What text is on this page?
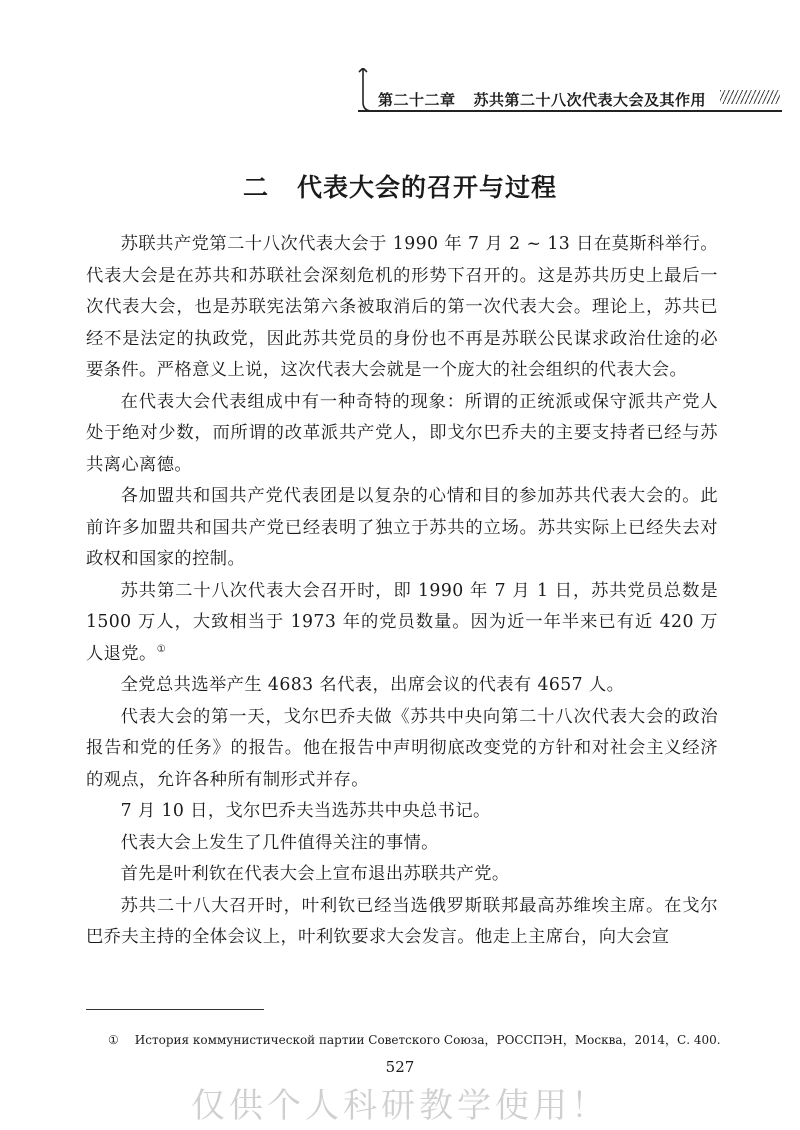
第二十二章 苏共第二十八次代表大会及其作用
二 代表大会的召开与过程

苏联共产党第二十八次代表大会于 1990 年 7 月 2 ~ 13 日在莫斯科举行。代表大会是在苏共和苏联社会深刻危机的形势下召开的。这是苏共历史上最后一次代表大会，也是苏联宪法第六条被取消后的第一次代表大会。理论上，苏共已经不是法定的执政党，因此苏共党员的身份也不再是苏联公民谋求政治仕途的必要条件。严格意义上说，这次代表大会就是一个庞大的社会组织的代表大会。

在代表大会代表组成中有一种奇特的现象：所谓的正统派或保守派共产党人处于绝对少数，而所谓的改革派共产党人，即戈尔巴乔夫的主要支持者已经与苏共离心离德。

各加盟共和国共产党代表团是以复杂的心情和目的参加苏共代表大会的。此前许多加盟共和国共产党已经表明了独立于苏共的立场。苏共实际上已经失去对政权和国家的控制。

苏共第二十八次代表大会召开时，即 1990 年 7 月 1 日，苏共党员总数是 1500 万人，大致相当于 1973 年的党员数量。因为近一年半来已有近 420 万人退党。①

全党总共选举产生 4683 名代表，出席会议的代表有 4657 人。

代表大会的第一天，戈尔巴乔夫做《苏共中央向第二十八次代表大会的政治报告和党的任务》的报告。他在报告中声明彻底改变党的方针和对社会主义经济的观点，允许各种所有制形式并存。

7 月 10 日，戈尔巴乔夫当选苏共中央总书记。

代表大会上发生了几件值得关注的事情。

首先是叶利钦在代表大会上宣布退出苏联共产党。

苏共二十八大召开时，叶利钦已经当选俄罗斯联邦最高苏维埃主席。在戈尔巴乔夫主持的全体会议上，叶利钦要求大会发言。他走上主席台，向大会宣

① История коммунистической партии Советского Союза，РОССПЭН，Москва，2014，С. 400.
527
仅供个人科研教学使用！
